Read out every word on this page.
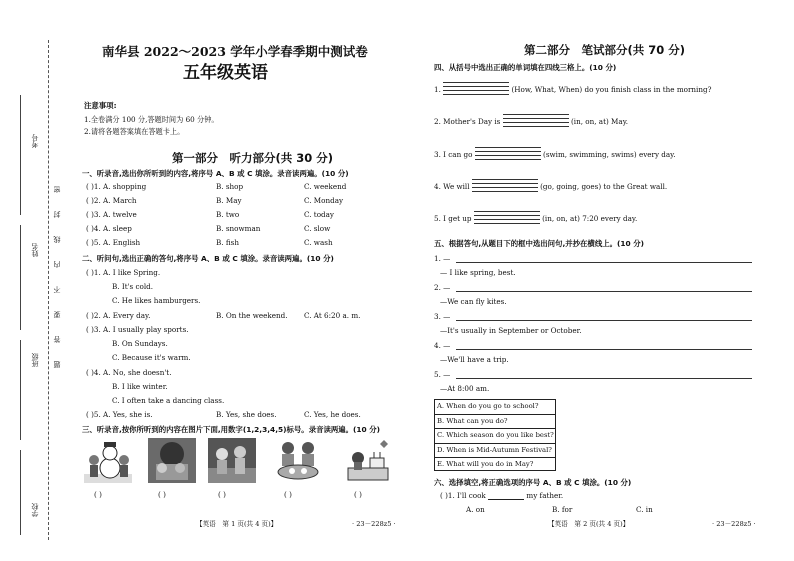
考号
姓名
班级
学校
密
封
线
内
不
要
答
题
南华县 2022～2023 学年小学春季期中测试卷
五年级英语
注意事项:
1.全卷满分 100 分,答题时间为 60 分钟。
2.请将各题答案填在答题卡上。
第一部分　听力部分(共 30 分)
一、听录音,选出你所听到的内容,将序号 A、B 或 C 填涂。录音读两遍。(10 分)
( )1. A. shopping	B. shop	C. weekend
( )2. A. March	B. May	C. Monday
( )3. A. twelve	B. two	C. today
( )4. A. sleep	B. snowman	C. slow
( )5. A. English	B. fish	C. wash
二、听问句,选出正确的答句,将序号 A、B 或 C 填涂。录音读两遍。(10 分)
( )1. A. I like Spring.
B. It's cold.
C. He likes hamburgers.
( )2. A. Every day.	B. On the weekend. C. At 6:20 a. m.
( )3. A. I usually play sports.
B. On Sundays.
C. Because it's warm.
( )4. A. No, she doesn't.
B. I like winter.
C. I often take a dancing class.
( )5. A. Yes, she is.	B. Yes, she does.	C. Yes, he does.
三、听录音,按你所听到的内容在图片下面,用数字(1,2,3,4,5)标号。录音读两遍。(10 分)
( )	( )	( )	( )	( )
【英语　第 1 页(共 4 页)】	· 23－228z5 ·
第二部分　笔试部分(共 70 分)
四、从括号中选出正确的单词填在四线三格上。(10 分)
1.	(How, What, When) do you finish class in the morning?
2. Mother's Day is	(in, on, at) May.
3. I can go	(swim, swimming, swims) every day.
4. We will	(go, going, goes) to the Great wall.
5. I get up	(in, on, at) 7:20 every day.
五、根据答句,从题目下的框中选出问句,并抄在横线上。(10 分)
1. —
— I like spring, best.
2. —
—We can fly kites.
3. —
—It's usually in September or October.
4. —
—We'll have a trip.
5. —
—At 8:00 am.
A. When do you go to school?
B. What can you do?
C. Which season do you like best?
D. When is Mid-Autumn Festival?
E. What will you do in May?
六、选择填空,将正确选项的序号 A、B 或 C 填涂。(10 分)
( )1. I'll cook	my father.
A. on	B. for	C. in
【英语　第 2 页(共 4 页)】	· 23－228z5 ·
